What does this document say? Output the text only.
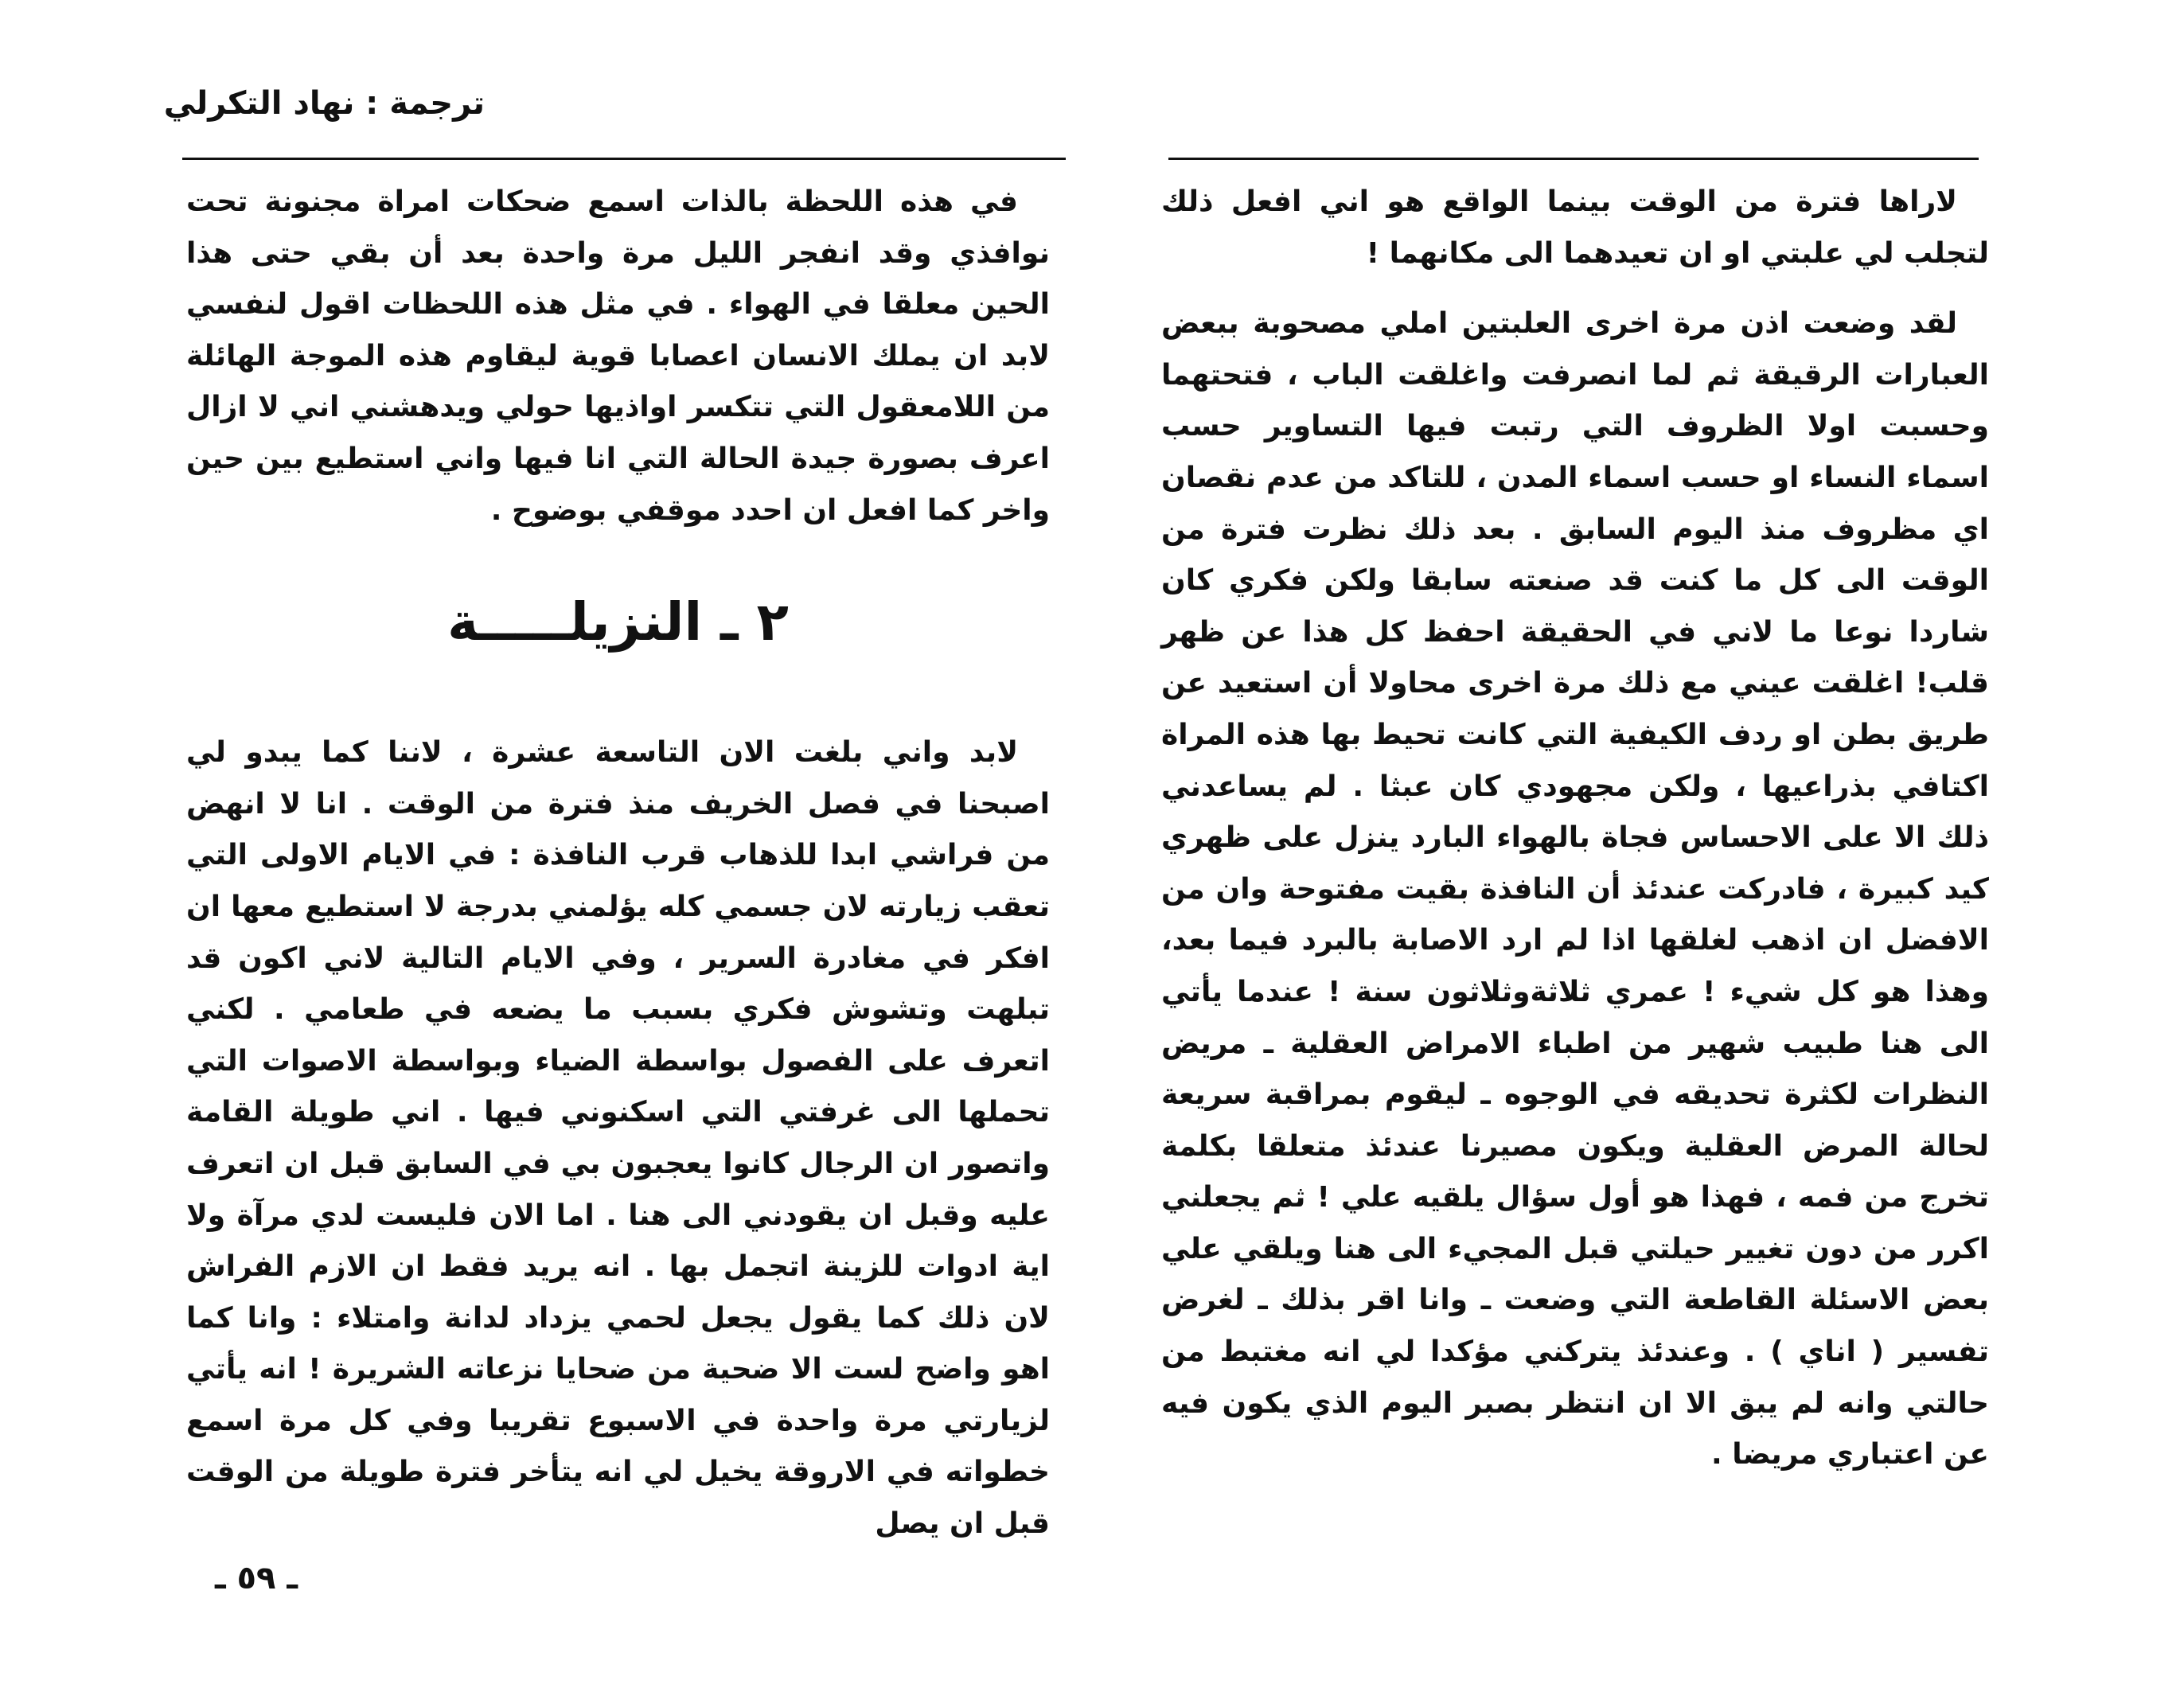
ترجمة : نهاد التكرلي

لاراها فترة من الوقت بينما الواقع هو اني افعل ذلك لتجلب لي علبتي او ان تعيدهما الى مكانهما !

لقد وضعت اذن مرة اخرى العلبتين املي مصحوبة ببعض العبارات الرقيقة ثم لما انصرفت واغلقت الباب ، فتحتهما وحسبت اولا الظروف التي رتبت فيها التساوير حسب اسماء النساء او حسب اسماء المدن ، للتاكد من عدم نقصان اي مظروف منذ اليوم السابق . بعد ذلك نظرت فترة من الوقت الى كل ما كنت قد صنعته سابقا ولكن فكري كان شاردا نوعا ما لاني في الحقيقة احفظ كل هذا عن ظهر قلب! اغلقت عيني مع ذلك مرة اخرى محاولا أن استعيد عن طريق بطن او ردف الكيفية التي كانت تحيط بها هذه المراة اكتافي بذراعيها ، ولكن مجهودي كان عبثا . لم يساعدني ذلك الا على الاحساس فجاة بالهواء البارد ينزل على ظهري كيد كبيرة ، فادركت عندئذ أن النافذة بقيت مفتوحة وان من الافضل ان اذهب لغلقها اذا لم ارد الاصابة بالبرد فيما بعد، وهذا هو كل شيء ! عمري ثلاثةوثلاثون سنة ! عندما يأتي الى هنا طبيب شهير من اطباء الامراض العقلية ـ مريض النظرات لكثرة تحديقه في الوجوه ـ ليقوم بمراقبة سريعة لحالة المرض العقلية ويكون مصيرنا عندئذ متعلقا بكلمة تخرج من فمه ، فهذا هو أول سؤال يلقيه علي ! ثم يجعلني اكرر من دون تغيير حيلتي قبل المجيء الى هنا ويلقي علي بعض الاسئلة القاطعة التي وضعت ـ وانا اقر بذلك ـ لغرض تفسير ( اناي ) . وعندئذ يتركني مؤكدا لي انه مغتبط من حالتي وانه لم يبق الا ان انتظر بصبر اليوم الذي يكون فيه عن اعتباري مريضا .

في هذه اللحظة بالذات اسمع ضحكات امراة مجنونة تحت نوافذي وقد انفجر الليل مرة واحدة بعد أن بقي حتى هذا الحين معلقا في الهواء . في مثل هذه اللحظات اقول لنفسي لابد ان يملك الانسان اعصابا قوية ليقاوم هذه الموجة الهائلة من اللامعقول التي تتكسر اواذيها حولي ويدهشني اني لا ازال اعرف بصورة جيدة الحالة التي انا فيها واني استطيع بين حين واخر كما افعل ان احدد موقفي بوضوح .

٢ ـ النزيلـــــة

لابد واني بلغت الان التاسعة عشرة ، لاننا كما يبدو لي اصبحنا في فصل الخريف منذ فترة من الوقت . انا لا انهض من فراشي ابدا للذهاب قرب النافذة : في الايام الاولى التي تعقب زيارته لان جسمي كله يؤلمني بدرجة لا استطيع معها ان افكر في مغادرة السرير ، وفي الايام التالية لاني اكون قد تبلهت وتشوش فكري بسبب ما يضعه في طعامي . لكني اتعرف على الفصول بواسطة الضياء وبواسطة الاصوات التي تحملها الى غرفتي التي اسكنوني فيها . اني طويلة القامة واتصور ان الرجال كانوا يعجبون بي في السابق قبل ان اتعرف عليه وقبل ان يقودني الى هنا . اما الان فليست لدي مرآة ولا اية ادوات للزينة اتجمل بها . انه يريد فقط ان الازم الفراش لان ذلك كما يقول يجعل لحمي يزداد لدانة وامتلاء : وانا كما اهو واضح لست الا ضحية من ضحايا نزعاته الشريرة ! انه يأتي لزيارتي مرة واحدة في الاسبوع تقريبا وفي كل مرة اسمع خطواته في الاروقة يخيل لي انه يتأخر فترة طويلة من الوقت قبل ان يصل

ـ ٥٩ ـ
